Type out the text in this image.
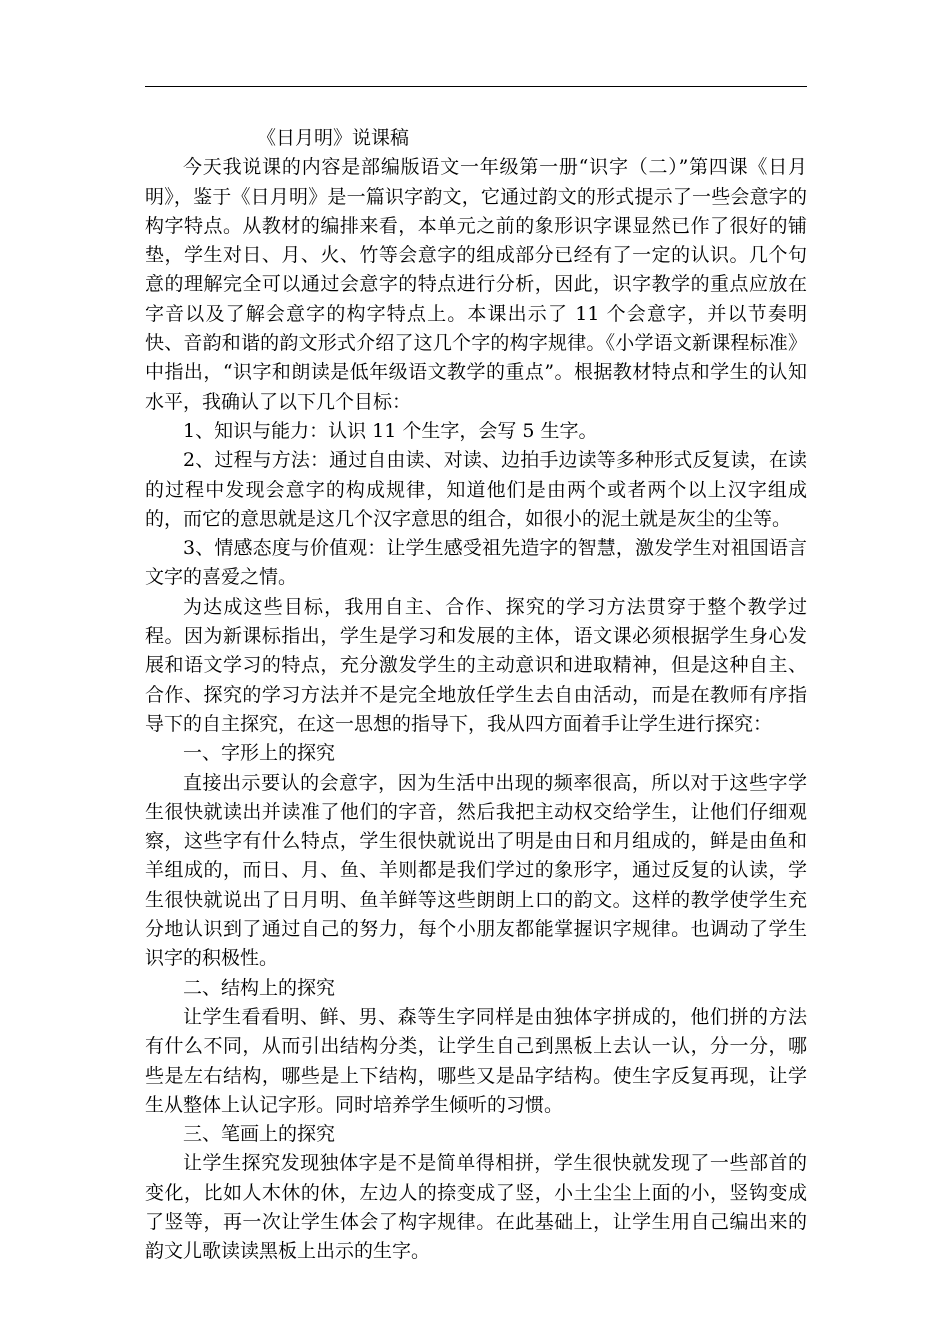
《日月明》说课稿

今天我说课的内容是部编版语文一年级第一册“识字（二）”第四课《日月明》，鉴于《日月明》是一篇识字韵文，它通过韵文的形式提示了一些会意字的构字特点。从教材的编排来看，本单元之前的象形识字课显然已作了很好的铺垫，学生对日、月、火、竹等会意字的组成部分已经有了一定的认识。几个句意的理解完全可以通过会意字的特点进行分析，因此，识字教学的重点应放在字音以及了解会意字的构字特点上。本课出示了 11 个会意字，并以节奏明快、音韵和谐的韵文形式介绍了这几个字的构字规律。《小学语文新课程标准》中指出，“识字和朗读是低年级语文教学的重点”。根据教材特点和学生的认知水平，我确认了以下几个目标：

1、知识与能力：认识 11 个生字，会写 5 生字。

2、过程与方法：通过自由读、对读、边拍手边读等多种形式反复读，在读的过程中发现会意字的构成规律，知道他们是由两个或者两个以上汉字组成的，而它的意思就是这几个汉字意思的组合，如很小的泥土就是灰尘的尘等。

3、情感态度与价值观：让学生感受祖先造字的智慧，激发学生对祖国语言文字的喜爱之情。

为达成这些目标，我用自主、合作、探究的学习方法贯穿于整个教学过程。因为新课标指出，学生是学习和发展的主体，语文课必须根据学生身心发展和语文学习的特点，充分激发学生的主动意识和进取精神，但是这种自主、合作、探究的学习方法并不是完全地放任学生去自由活动，而是在教师有序指导下的自主探究，在这一思想的指导下，我从四方面着手让学生进行探究：

一、字形上的探究

直接出示要认的会意字，因为生活中出现的频率很高，所以对于这些字学生很快就读出并读准了他们的字音，然后我把主动权交给学生，让他们仔细观察，这些字有什么特点，学生很快就说出了明是由日和月组成的，鲜是由鱼和羊组成的，而日、月、鱼、羊则都是我们学过的象形字，通过反复的认读，学生很快就说出了日月明、鱼羊鲜等这些朗朗上口的韵文。这样的教学使学生充分地认识到了通过自己的努力，每个小朋友都能掌握识字规律。也调动了学生识字的积极性。

二、结构上的探究

让学生看看明、鲜、男、森等生字同样是由独体字拼成的，他们拼的方法有什么不同，从而引出结构分类，让学生自己到黑板上去认一认，分一分，哪些是左右结构，哪些是上下结构，哪些又是品字结构。使生字反复再现，让学生从整体上认记字形。同时培养学生倾听的习惯。

三、笔画上的探究

让学生探究发现独体字是不是简单得相拼，学生很快就发现了一些部首的变化，比如人木休的休，左边人的捺变成了竖，小土尘尘上面的小，竖钩变成了竖等，再一次让学生体会了构字规律。在此基础上，让学生用自己编出来的韵文儿歌读读黑板上出示的生字。
